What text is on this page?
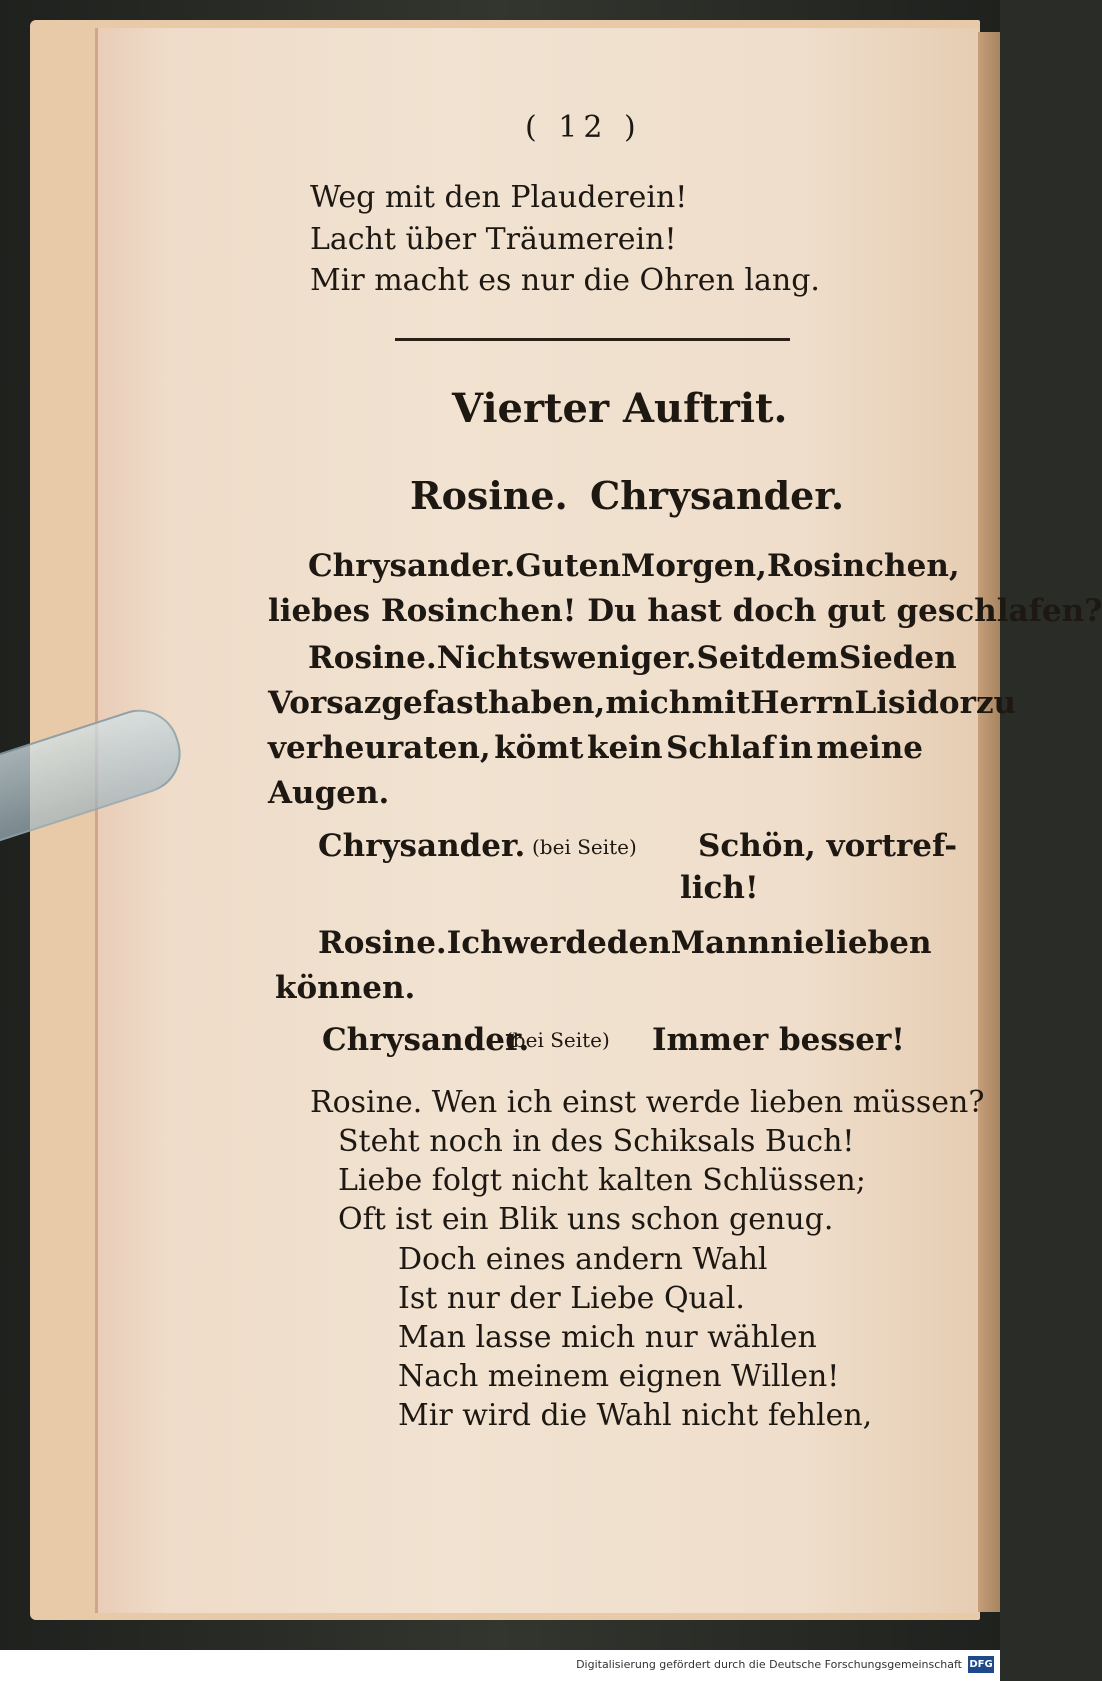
( 12 )
Weg mit den Plauderein!
Lacht über Träumerein!
Mir macht es nur die Ohren lang.
Vierter Auftrit.
Rosine. Chrysander.
Chrysander. Guten Morgen, Rosinchen,
liebes Rosinchen! Du hast doch gut geschlafen?
Rosine. Nichts weniger. Seitdem Sie den
Vorsaz gefast haben, mich mit Herrn Lisidor zu
verheuraten, kömt kein Schlaf in meine
Augen.
Chrysander. (bei Seite) Schön, vortref-
lich!
Rosine. Ich werde den Mann nie lieben
können.
Chrysander.
(bei Seite) Immer besser!
Rosine. Wen ich einst werde lieben müssen?
Steht noch in des Schiksals Buch!
Liebe folgt nicht kalten Schlüssen;
Oft ist ein Blik uns schon genug.
Doch eines andern Wahl
Ist nur der Liebe Qual.
Man lasse mich nur wählen
Nach meinem eignen Willen!
Mir wird die Wahl nicht fehlen,
Digitalisierung gefördert durch die Deutsche Forschungsgemeinschaft DFG
